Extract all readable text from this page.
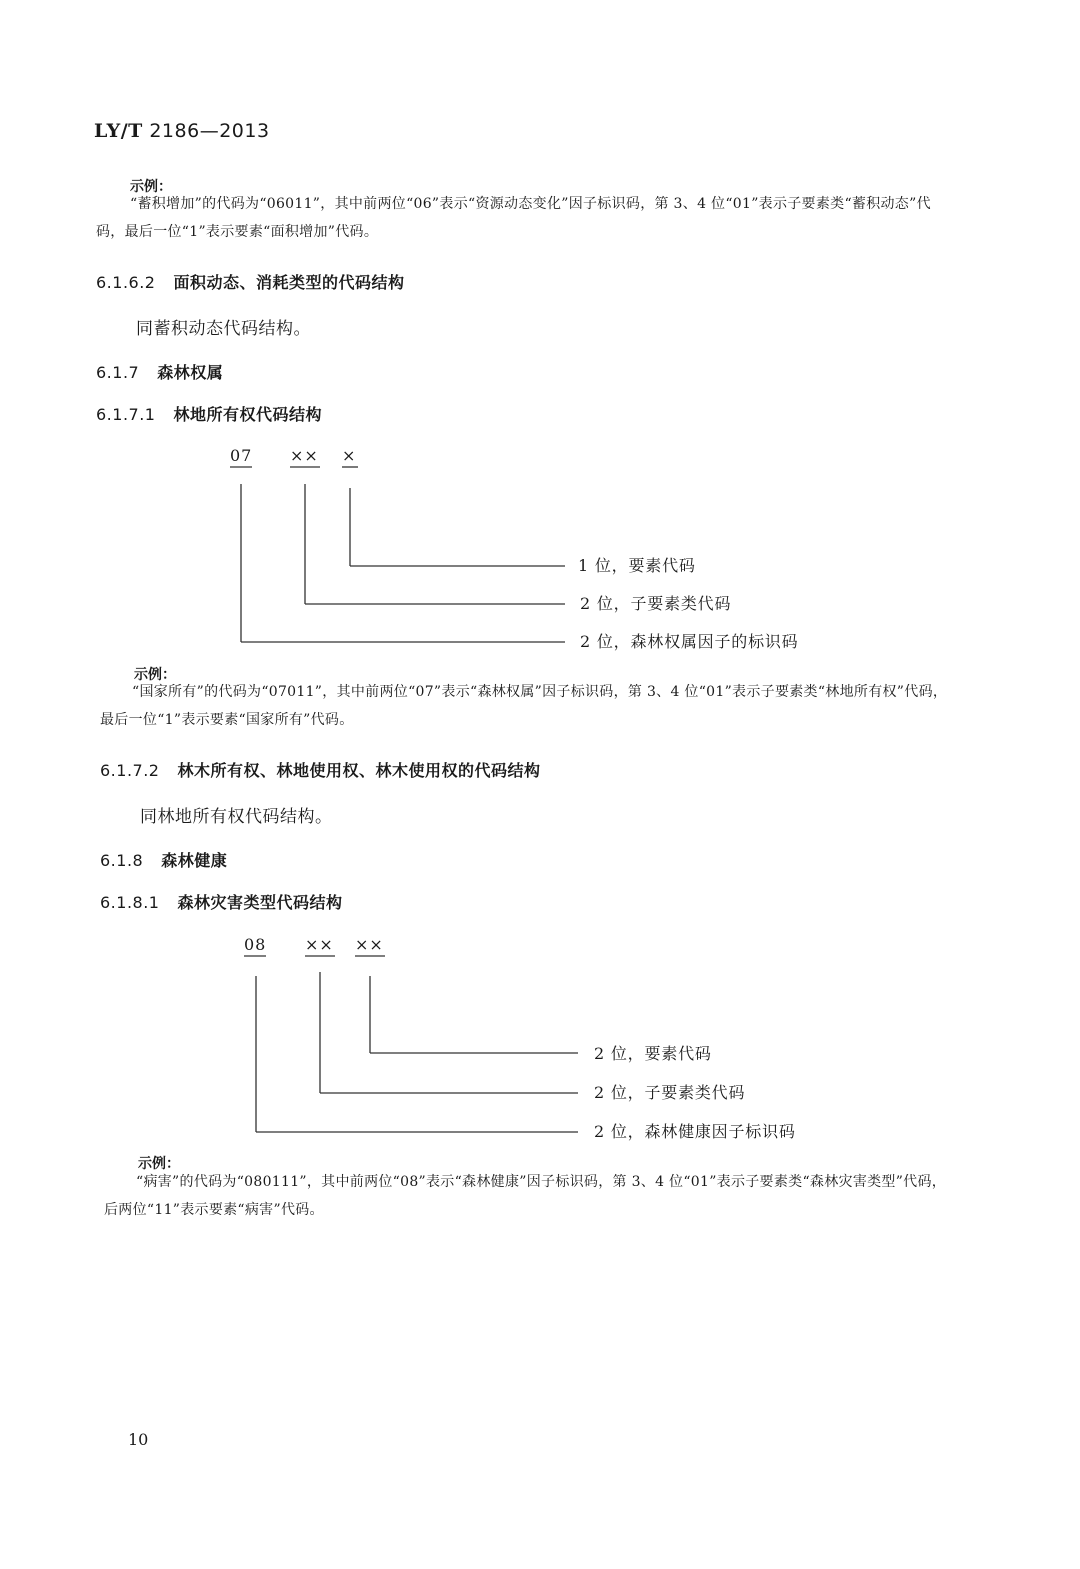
LY/T 2186—2013
示例：
“蓄积增加”的代码为“06011”，其中前两位“06”表示“资源动态变化”因子标识码，第 3、4 位“01”表示子要素类“蓄积动态”代码，最后一位“1”表示要素“面积增加”代码。
6.1.6.2 面积动态、消耗类型的代码结构
同蓄积动态代码结构。
6.1.7 森林权属
6.1.7.1 林地所有权代码结构
07 ×× ×
1 位，要素代码
2 位，子要素类代码
2 位，森林权属因子的标识码
示例：
“国家所有”的代码为“07011”，其中前两位“07”表示“森林权属”因子标识码，第 3、4 位“01”表示子要素类“林地所有权”代码，最后一位“1”表示要素“国家所有”代码。
6.1.7.2 林木所有权、林地使用权、林木使用权的代码结构
同林地所有权代码结构。
6.1.8 森林健康
6.1.8.1 森林灾害类型代码结构
08 ×× ××
2 位，要素代码
2 位，子要素类代码
2 位，森林健康因子标识码
示例：
“病害”的代码为“080111”，其中前两位“08”表示“森林健康”因子标识码，第 3、4 位“01”表示子要素类“森林灾害类型”代码，后两位“11”表示要素“病害”代码。
10
